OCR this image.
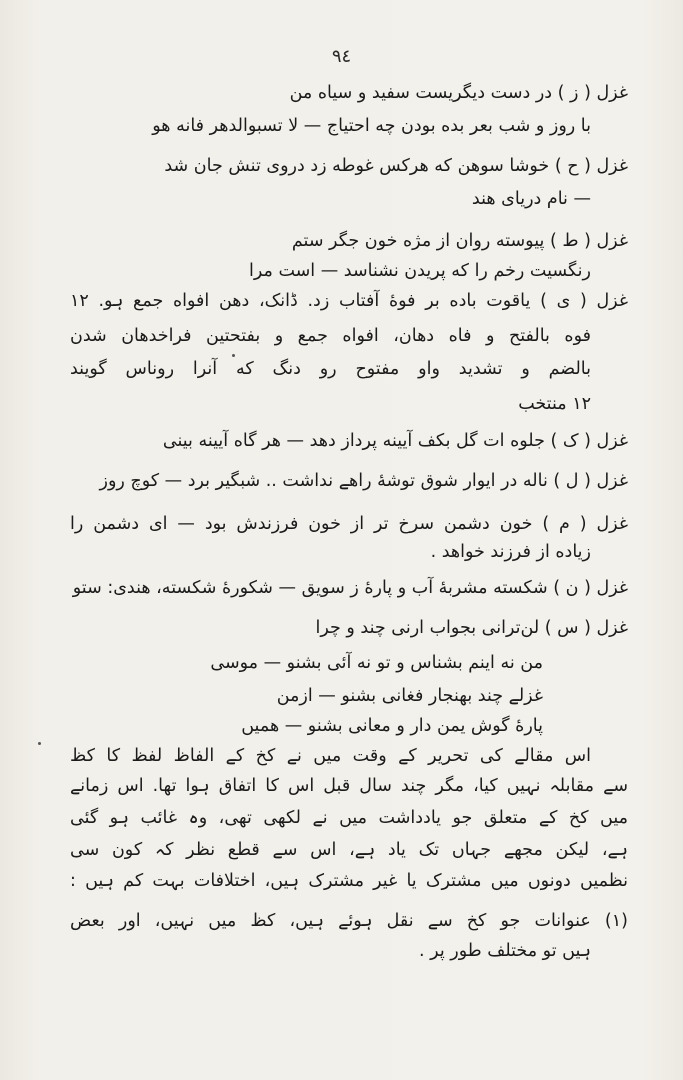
٩٤
غزل ( ز ) در دست دیگریست سفید و سیاه من
با روز و شب بعر بده بودن چه احتیاج — لا تسبوالدهر فانه هو
غزل ( ح ) خوشا سوهن که هرکس غوطه زد دروی تنش جان شد
— نام دریای هند
غزل ( ط ) پیوسته روان از مژه خون جگر ستم
رنگسیت رخم را که پریدن نشناسد — است مرا
غزل ( ی ) یاقوت باده بر فوهٔ آفتاب زد. ڈانک، دهن افواه جمع ہو. ۱۲
فوه بالفتح و فاه دهان، افواه جمع و بفتحتین فراخدهان شدن
بالضم و تشدید واو مفتوح رو دنگ که آنرا روناس گویند
۱۲ منتخب
غزل ( ک ) جلوه ات گل بکف آیینه پرداز دهد — هر گاه آیینه بینی
غزل ( ل ) ناله در ایوار شوق توشهٔ راهے نداشت .. شبگیر برد — کوچ روز
غزل ( م ) خون دشمن سرخ تر از خون فرزندش بود — ای دشمن را
زیاده از فرزند خواهد .
غزل ( ن ) شکسته مشربهٔ آب و پارهٔ ز سویق — شکورهٔ شکسته، هندی: ستو
غزل ( س ) لن‌ترانی بجواب ارنی چند و چرا
من نه اینم بشناس و تو نه آئی بشنو — موسی
غزلے چند بهنجار فغانی بشنو — ازمن
پارهٔ گوش یمن دار و معانی بشنو — همیں
اس مقالے کی تحریر کے وقت میں نے کخ کے الفاظ لفظ کا کظ
سے مقابلہ نہیں کیا، مگر چند سال قبل اس کا اتفاق ہوا تھا. اس زمانے
میں کخ کے متعلق جو یادداشت میں نے لکھی تھی، وہ غائب ہو گئی
ہے، لیکن مجھے جہاں تک یاد ہے، اس سے قطع نظر کہ کون سی
نظمیں دونوں میں مشترک یا غیر مشترک ہیں، اختلافات بہت کم ہیں :
(۱) عنوانات جو کخ سے نقل ہوئے ہیں، کظ میں نہیں، اور بعض
ہیں تو مختلف طور پر .
